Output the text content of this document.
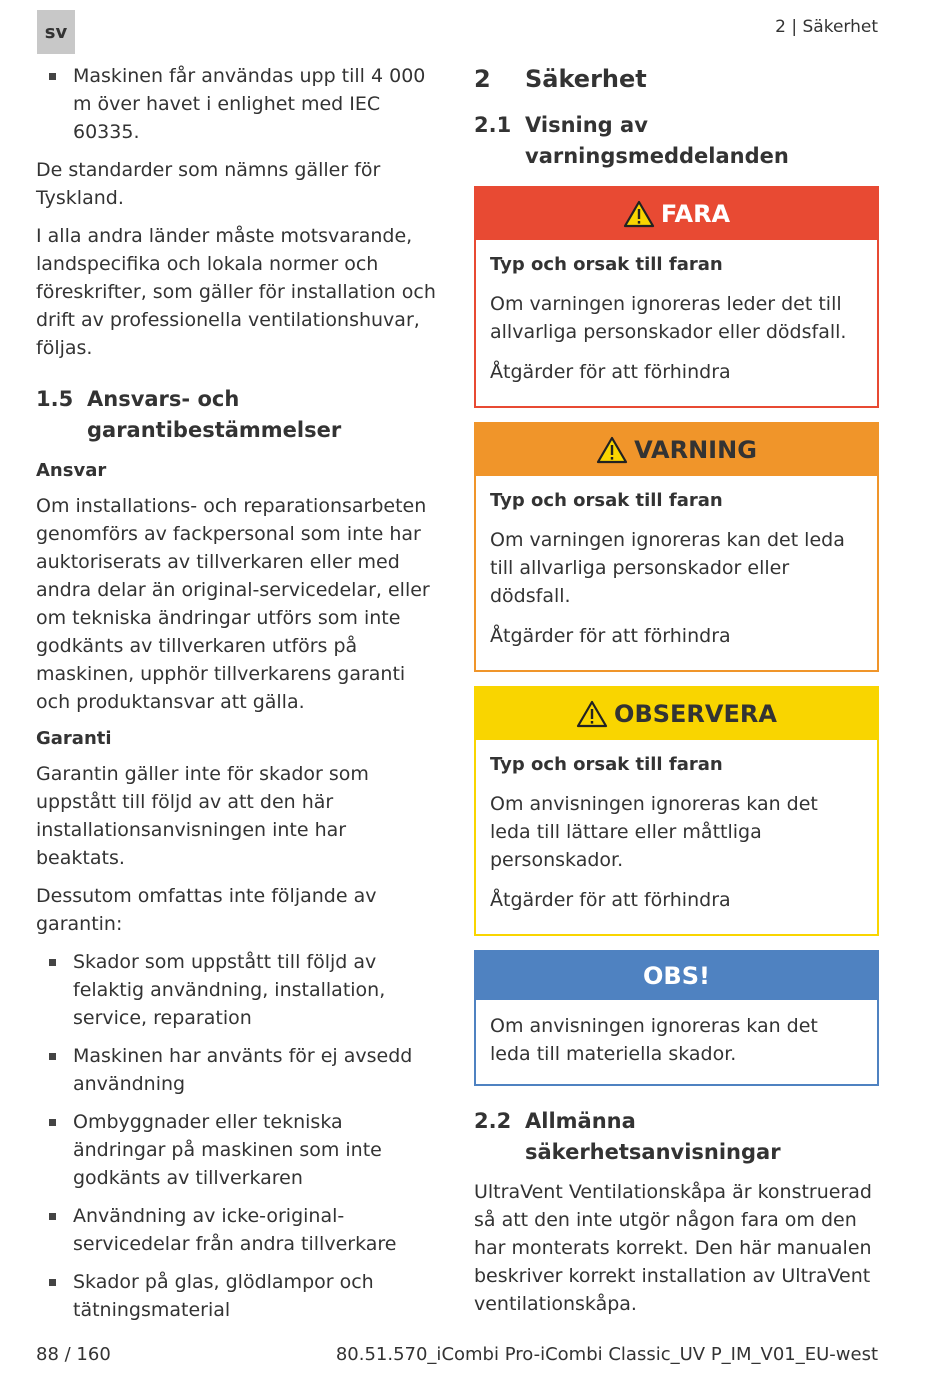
sv	2 | Säkerhet
Maskinen får användas upp till 4 000 m över havet i enlighet med IEC 60335.

De standarder som nämns gäller för Tyskland.

I alla andra länder måste motsvarande, landspecifika och lokala normer och föreskrifter, som gäller för installation och drift av professionella ventilationshuvar, följas.

1.5 Ansvars- och garantibestämmelser
Ansvar

Om installations- och reparationsarbeten genomförs av fackpersonal som inte har auktoriserats av tillverkaren eller med andra delar än original-servicedelar, eller om tekniska ändringar utförs som inte godkänts av tillverkaren utförs på maskinen, upphör tillverkarens garanti och produktansvar att gälla.

Garanti

Garantin gäller inte för skador som uppstått till följd av att den här installationsanvisningen inte har beaktats.

Dessutom omfattas inte följande av garantin:

Skador som uppstått till följd av felaktig användning, installation, service, reparation
Maskinen har använts för ej avsedd användning
Ombyggnader eller tekniska ändringar på maskinen som inte godkänts av tillverkaren
Användning av icke-original-servicedelar från andra tillverkare
Skador på glas, glödlampor och tätningsmaterial
2	Säkerhet
2.1 Visning av varningsmeddelanden
FARA
Typ och orsak till faran
Om varningen ignoreras leder det till allvarliga personskador eller dödsfall.
Åtgärder för att förhindra
VARNING
Typ och orsak till faran
Om varningen ignoreras kan det leda till allvarliga personskador eller dödsfall.
Åtgärder för att förhindra
OBSERVERA
Typ och orsak till faran
Om anvisningen ignoreras kan det leda till lättare eller måttliga personskador.
Åtgärder för att förhindra
OBS!
Om anvisningen ignoreras kan det leda till materiella skador.
2.2 Allmänna säkerhetsanvisningar

UltraVent Ventilationskåpa är konstruerad så att den inte utgör någon fara om den har monterats korrekt. Den här manualen beskriver korrekt installation av UltraVent ventilationskåpa.

88 / 160	80.51.570_iCombi Pro-iCombi Classic_UV P_IM_V01_EU-west
